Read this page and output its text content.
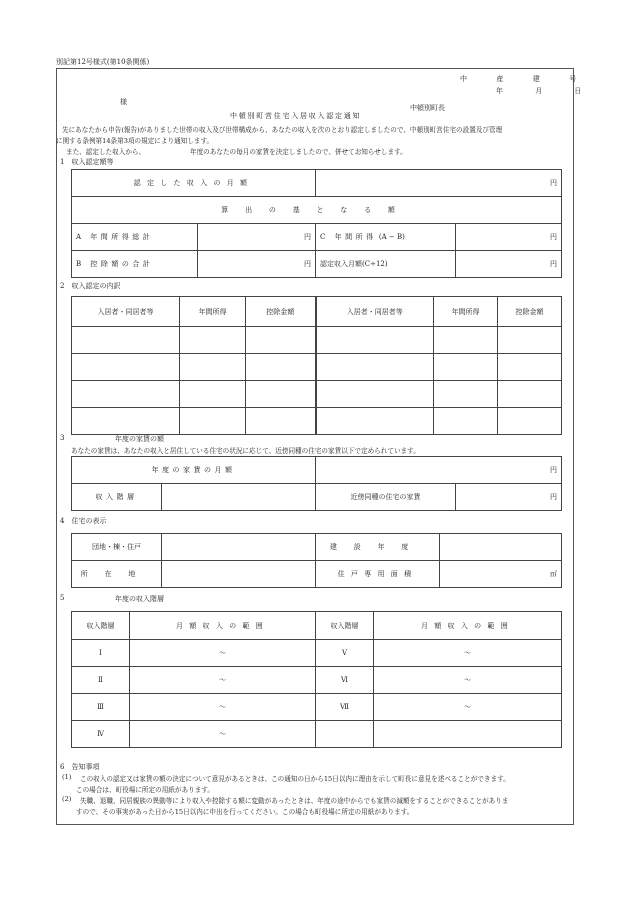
別記第12号様式(第10条関係)
中　産　建　号
年　月　日
様
中頓別町営住宅入居収入認定通知
中頓別町長
先にあなたから申告(報告)がありました世帯の収入及び世帯構成から、あなたの収入を次のとおり認定しましたので、中頓別町営住宅の設置及び管理
に関する条例第14条第3項の規定により通知します。
また、認定した収入から、	年度のあなたの毎月の家賃を決定しましたので、併せてお知らせします。
1　収入認定額等
認定した収入の月額		円	
算出の基となる額			
A 年間所得総計	円	C 年間所得 (A − B)	円
B 控除額の合計	円	認定収入月額(C÷12)	円
2　収入認定の内訳
入居者・同居者等	年間所得	控除金額	入居者・同居者等	年間所得	控除金額

3	年度の家賃の額
あなたの家賃は、あなたの収入と居住している住宅の状況に応じて、近傍同種の住宅の家賃以下で定められています。
年度の家賃の月額		円	
収入階層		近傍同種の住宅の家賃	円
4　住宅の表示
団地・棟・住戸		建設年度	
所在地		住戸専用面積	㎡
5	年度の収入階層
収入階層	月額収入の範囲	収入階層	月額収入の範囲
Ⅰ	〜	Ⅴ	〜
Ⅱ	〜	Ⅵ	〜
Ⅲ	〜	Ⅶ	〜
Ⅳ	〜		
6　告知事項
(1) この収入の認定又は家賃の額の決定について意見があるときは、この通知の日から15日以内に理由を示して町長に意見を述べることができます。
この場合は、町役場に所定の用紙があります。
(2) 失職、退職、同居親族の異動等により収入や控除する額に変動があったときは、年度の途中からでも家賃の減額をすることができることがありま
すので、その事実があった日から15日以内に申出を行ってください。この場合も町役場に所定の用紙があります。
